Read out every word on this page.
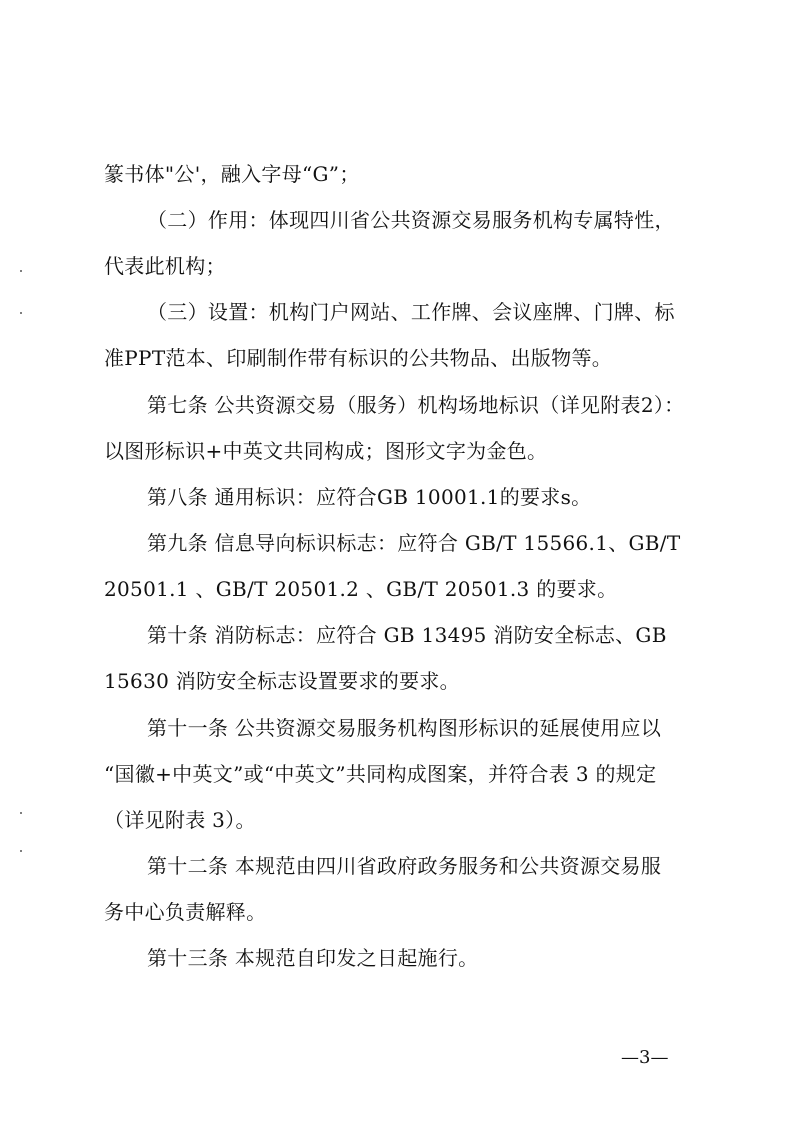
篆书体"公'，融入字母“G”；
（二）作用：体现四川省公共资源交易服务机构专属特性，
代表此机构；
（三）设置：机构门户网站、工作牌、会议座牌、门牌、标
准PPT范本、印刷制作带有标识的公共物品、出版物等。
第七条 公共资源交易（服务）机构场地标识（详见附表2）：
以图形标识+中英文共同构成；图形文字为金色。
第八条 通用标识：应符合GB 10001.1的要求s。
第九条 信息导向标识标志：应符合 GB/T 15566.1、GB/T
20501.1 、GB/T 20501.2 、GB/T 20501.3 的要求。
第十条 消防标志：应符合 GB 13495 消防安全标志、GB
15630 消防安全标志设置要求的要求。
第十一条 公共资源交易服务机构图形标识的延展使用应以
“国徽+中英文”或“中英文”共同构成图案，并符合表 3 的规定
（详见附表 3）。
第十二条 本规范由四川省政府政务服务和公共资源交易服
务中心负责解释。
第十三条 本规范自印发之日起施行。
—3—
